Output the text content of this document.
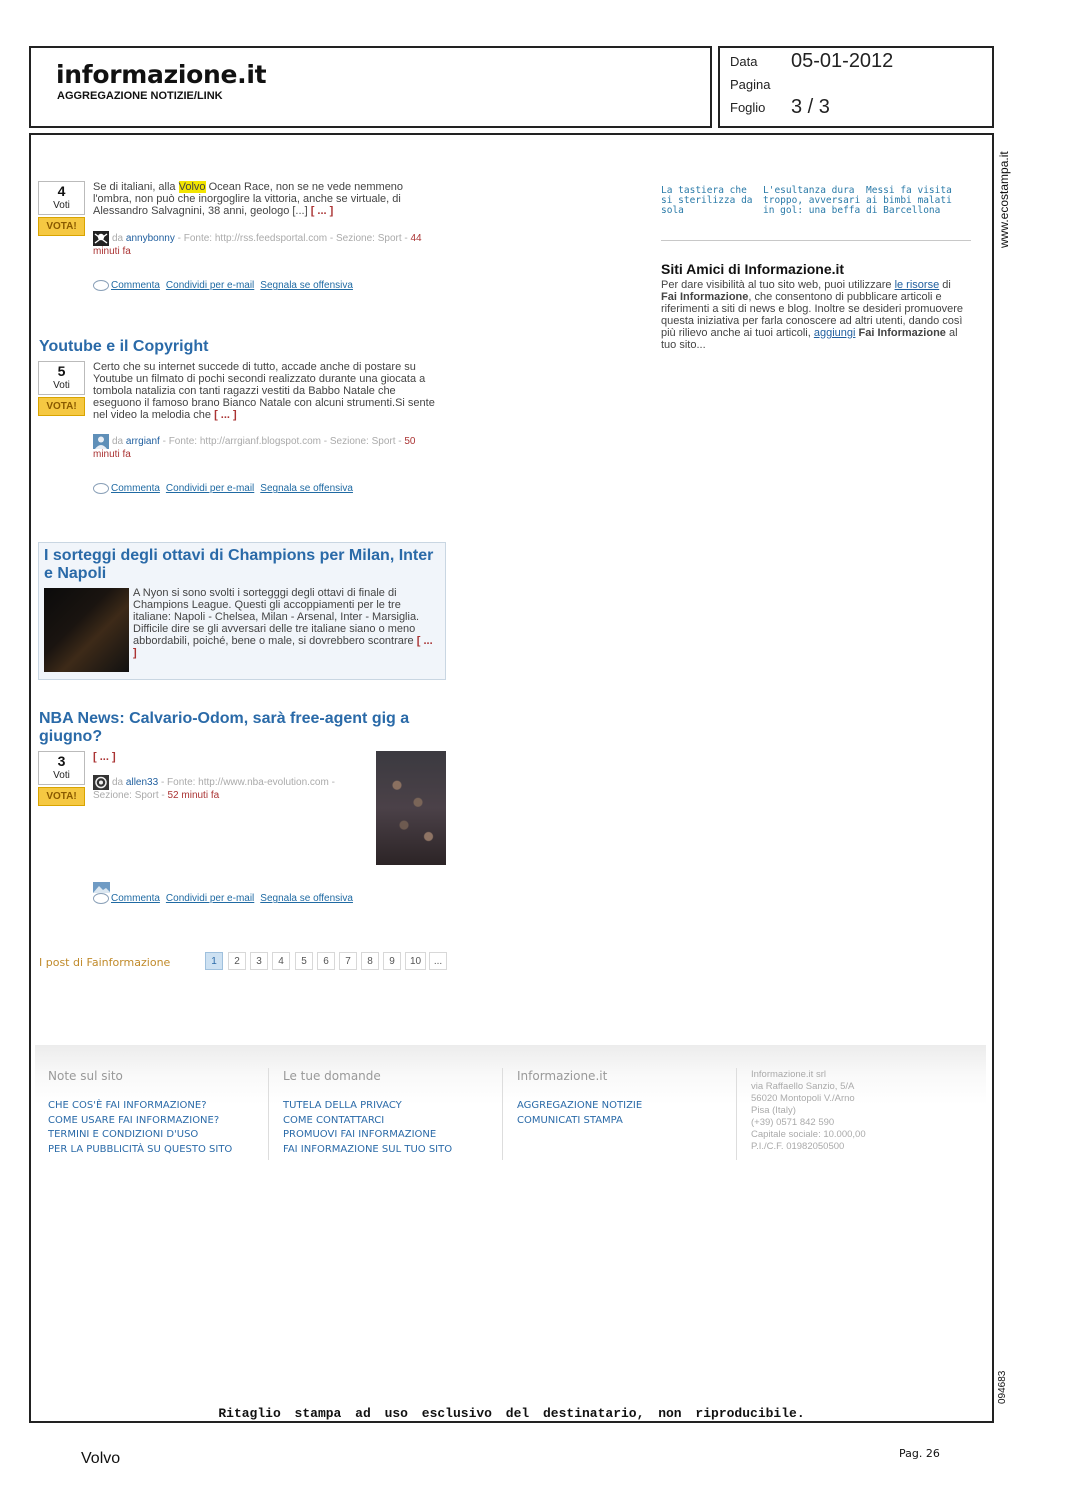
informazione.it
AGGREGAZIONE NOTIZIE/LINK
Data 05-01-2012
Pagina
Foglio 3 / 3
www.ecostampa.it
094683
4
Voti
VOTA!
Se di italiani, alla Volvo Ocean Race, non se ne vede nemmeno l'ombra, non può che inorgoglire la vittoria, anche se virtuale, di Alessandro Salvagnini, 38 anni, geologo [...] [ ... ]
da annybonny - Fonte: http://rss.feedsportal.com - Sezione: Sport - 44 minuti fa
Commenta Condividi per e-mail Segnala se offensiva
Youtube e il Copyright
5
Voti
VOTA!
Certo che su internet succede di tutto, accade anche di postare su Youtube un filmato di pochi secondi realizzato durante una giocata a tombola natalizia con tanti ragazzi vestiti da Babbo Natale che eseguono il famoso brano Bianco Natale con alcuni strumenti.Si sente nel video la melodia che [ ... ]
da arrgianf - Fonte: http://arrgianf.blogspot.com - Sezione: Sport - 50 minuti fa
Commenta Condividi per e-mail Segnala se offensiva
I sorteggi degli ottavi di Champions per Milan, Inter e Napoli
A Nyon si sono svolti i sortegggi degli ottavi di finale di Champions League. Questi gli accoppiamenti per le tre italiane: Napoli - Chelsea, Milan - Arsenal, Inter - Marsiglia. Difficile dire se gli avversari delle tre italiane siano o meno abbordabili, poiché, bene o male, si dovrebbero scontrare [ ... ]
NBA News: Calvario-Odom, sarà free-agent gig a giugno?
3
Voti
VOTA!
[ ... ]
da allen33 - Fonte: http://www.nba-evolution.com - Sezione: Sport - 52 minuti fa
Commenta Condividi per e-mail Segnala se offensiva
I post di Fainformazione	1	2	3	4	5	6	7	8	9	10	...
La tastiera che si sterilizza da sola
L'esultanza dura troppo, avversari in gol: una beffa
Messi fa visita ai bimbi malati di Barcellona
Siti Amici di Informazione.it
Per dare visibilità al tuo sito web, puoi utilizzare le risorse di Fai Informazione, che consentono di pubblicare articoli e riferimenti a siti di news e blog. Inoltre se desideri promuovere questa iniziativa per farla conoscere ad altri utenti, dando così più rilievo anche ai tuoi articoli, aggiungi Fai Informazione al tuo sito...
Note sul sito
CHE COS'È FAI INFORMAZIONE?
COME USARE FAI INFORMAZIONE?
TERMINI E CONDIZIONI D'USO
PER LA PUBBLICITÀ SU QUESTO SITO
Le tue domande
TUTELA DELLA PRIVACY
COME CONTATTARCI
PROMUOVI FAI INFORMAZIONE
FAI INFORMAZIONE SUL TUO SITO
Informazione.it
AGGREGAZIONE NOTIZIE
COMUNICATI STAMPA
Informazione.it srl
via Raffaello Sanzio, 5/A
56020 Montopoli V./Arno
Pisa (Italy)
(+39) 0571 842 590
Capitale sociale: 10.000,00
P.I./C.F. 01982050500
Ritaglio stampa ad uso esclusivo del destinatario, non riproducibile.
Volvo	Pag. 26
